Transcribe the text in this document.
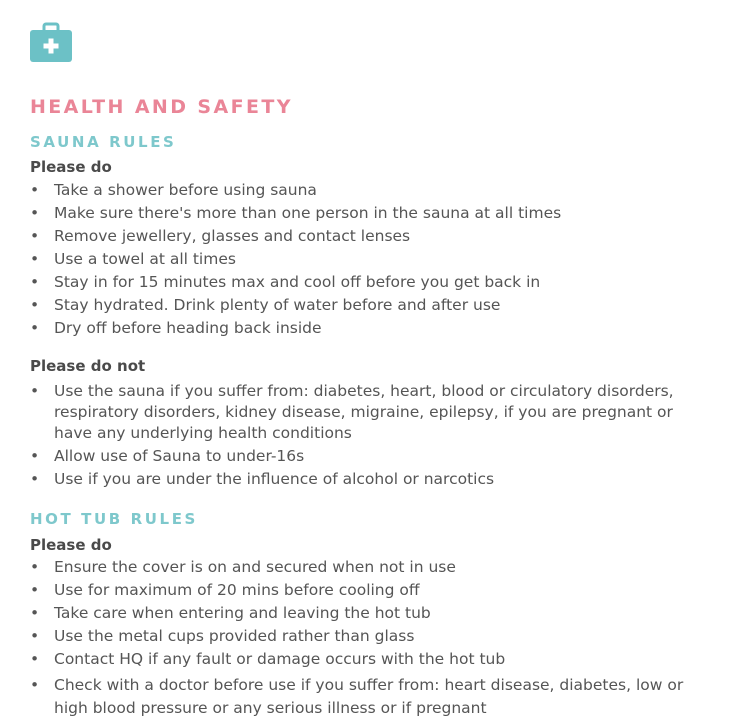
HEALTH AND SAFETY
SAUNA RULES
Please do
• Take a shower before using sauna
• Make sure there's more than one person in the sauna at all times
• Remove jewellery, glasses and contact lenses
• Use a towel at all times
• Stay in for 15 minutes max and cool off before you get back in
• Stay hydrated. Drink plenty of water before and after use
• Dry off before heading back inside
Please do not
• Use the sauna if you suffer from: diabetes, heart, blood or circulatory disorders, respiratory disorders, kidney disease, migraine, epilepsy, if you are pregnant or have any underlying health conditions
• Allow use of Sauna to under-16s
• Use if you are under the influence of alcohol or narcotics
HOT TUB RULES
Please do
• Ensure the cover is on and secured when not in use
• Use for maximum of 20 mins before cooling off
• Take care when entering and leaving the hot tub
• Use the metal cups provided rather than glass
• Contact HQ if any fault or damage occurs with the hot tub
• Check with a doctor before use if you suffer from: heart disease, diabetes, low or high blood pressure or any serious illness or if pregnant
